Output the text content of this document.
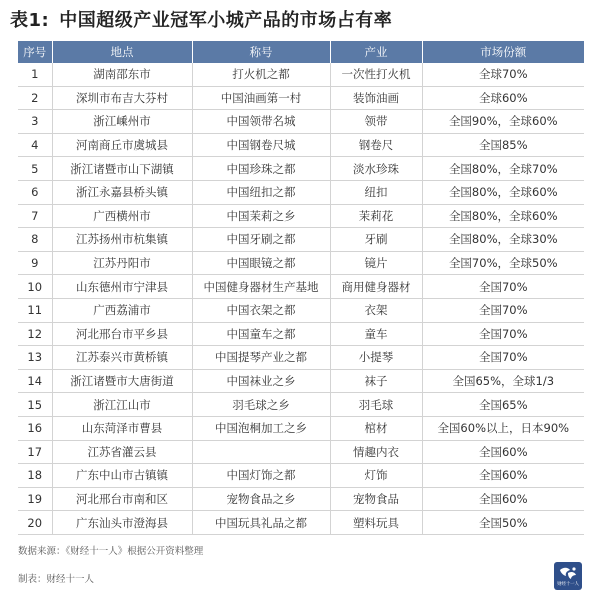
表1: 中国超级产业冠军小城产品的市场占有率
序号	地点	称号	产业	市场份额
1	湖南邵东市	打火机之都	一次性打火机	全球70%
2	深圳市布吉大芬村	中国油画第一村	装饰油画	全球60%
3	浙江嵊州市	中国领带名城	领带	全国90%，全球60%
4	河南商丘市虞城县	中国钢卷尺城	钢卷尺	全国85%
5	浙江诸暨市山下湖镇	中国珍珠之都	淡水珍珠	全国80%，全球70%
6	浙江永嘉县桥头镇	中国纽扣之都	纽扣	全国80%，全球60%
7	广西横州市	中国茉莉之乡	茉莉花	全国80%，全球60%
8	江苏扬州市杭集镇	中国牙刷之都	牙刷	全国80%，全球30%
9	江苏丹阳市	中国眼镜之都	镜片	全国70%，全球50%
10	山东德州市宁津县	中国健身器材生产基地	商用健身器材	全国70%
11	广西荔浦市	中国衣架之都	衣架	全国70%
12	河北邢台市平乡县	中国童车之都	童车	全国70%
13	江苏泰兴市黄桥镇	中国提琴产业之都	小提琴	全国70%
14	浙江诸暨市大唐街道	中国袜业之乡	袜子	全国65%，全球1/3
15	浙江江山市	羽毛球之乡	羽毛球	全国65%
16	山东菏泽市曹县	中国泡桐加工之乡	棺材	全国60%以上，日本90%
17	江苏省灌云县		情趣内衣	全国60%
18	广东中山市古镇镇	中国灯饰之都	灯饰	全国60%
19	河北邢台市南和区	宠物食品之乡	宠物食品	全国60%
20	广东汕头市澄海县	中国玩具礼品之都	塑料玩具	全国50%
数据来源：《财经十一人》根据公开资料整理
制表：财经十一人	财经十一人
